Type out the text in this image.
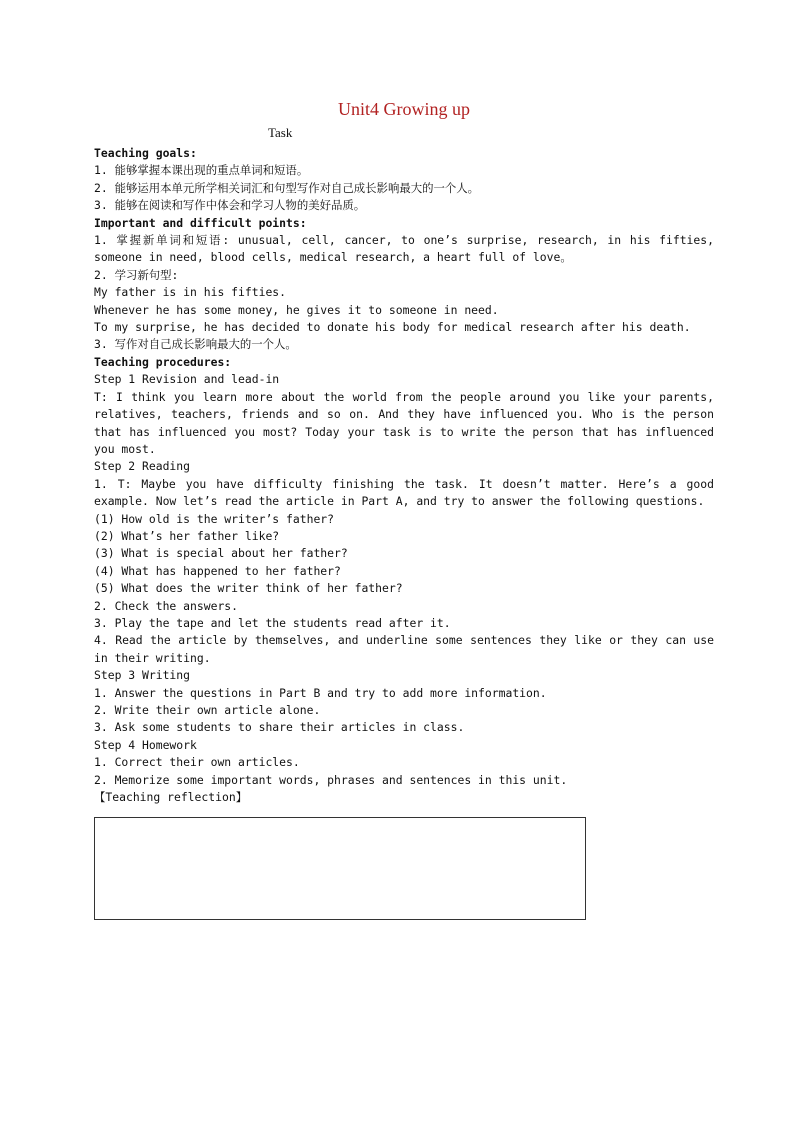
Unit4 Growing up
Task
Teaching goals:
1. 能够掌握本课出现的重点单词和短语。
2. 能够运用本单元所学相关词汇和句型写作对自己成长影响最大的一个人。
3. 能够在阅读和写作中体会和学习人物的美好品质。
Important and difficult points:
1. 掌握新单词和短语: unusual, cell, cancer, to one’s surprise, research, in his fifties, someone in need, blood cells, medical research, a heart full of love。
2. 学习新句型:
My father is in his fifties.
Whenever he has some money, he gives it to someone in need.
To my surprise, he has decided to donate his body for medical research after his death.
3. 写作对自己成长影响最大的一个人。
Teaching procedures:
Step 1 Revision and lead-in
T: I think you learn more about the world from the people around you like your parents, relatives, teachers, friends and so on. And they have influenced you. Who is the person that has influenced you most? Today your task is to write the person that has influenced you most.
Step 2 Reading
1. T: Maybe you have difficulty finishing the task. It doesn’t matter. Here’s a good example. Now let’s read the article in Part A, and try to answer the following questions.
(1) How old is the writer’s father?
(2) What’s her father like?
(3) What is special about her father?
(4) What has happened to her father?
(5) What does the writer think of her father?
2. Check the answers.
3. Play the tape and let the students read after it.
4. Read the article by themselves, and underline some sentences they like or they can use in their writing.
Step 3 Writing
1. Answer the questions in Part B and try to add more information.
2. Write their own article alone.
3. Ask some students to share their articles in class.
Step 4 Homework
1. Correct their own articles.
2. Memorize some important words, phrases and sentences in this unit.
【Teaching reflection】
